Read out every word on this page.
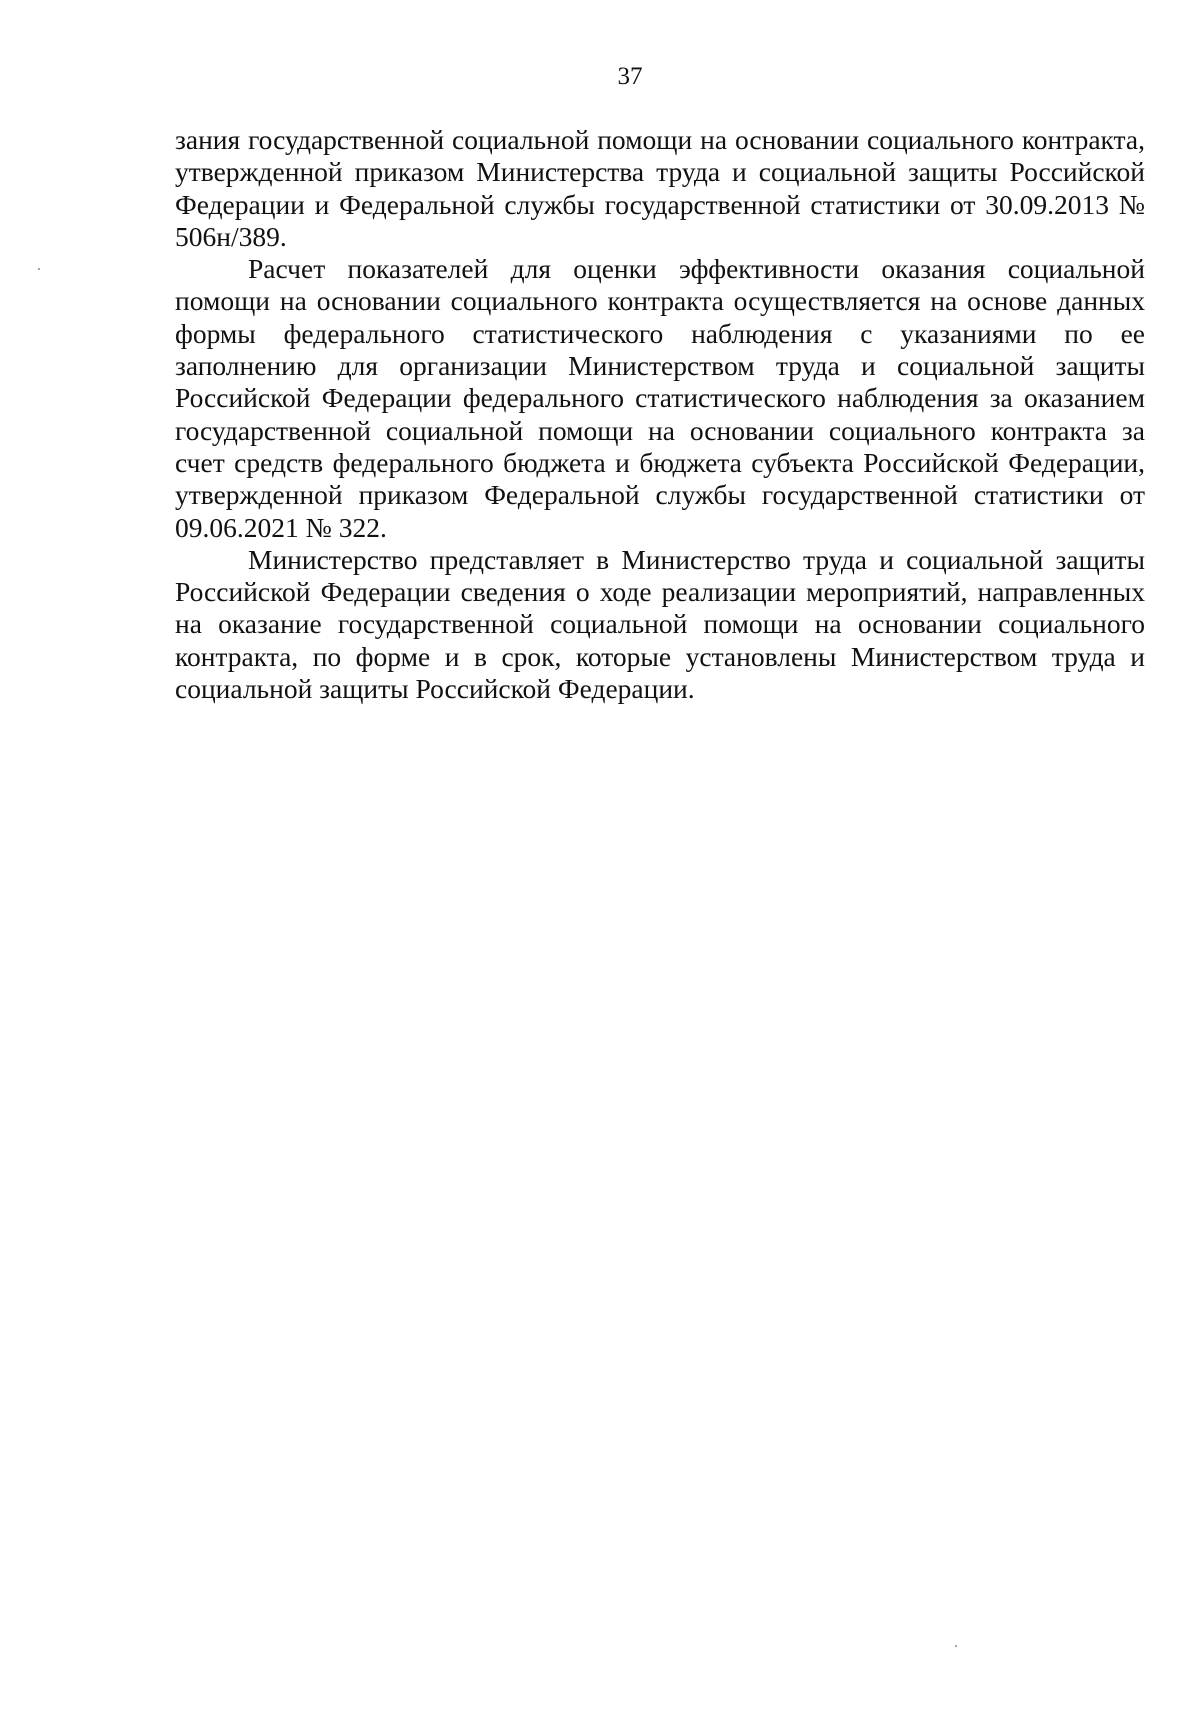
37

зания государственной социальной помощи на основании социального контракта, утвержденной приказом Министерства труда и социальной защиты Российской Федерации и Федеральной службы государственной статистики от 30.09.2013 № 506н/389.

Расчет показателей для оценки эффективности оказания социальной помощи на основании социального контракта осуществляется на основе данных формы федерального статистического наблюдения с указаниями по ее заполнению для организации Министерством труда и социальной защиты Российской Федерации федерального статистического наблюдения за оказанием государственной социальной помощи на основании социального контракта за счет средств федерального бюджета и бюджета субъекта Российской Федерации, утвержденной приказом Федеральной службы государственной статистики от 09.06.2021 № 322.

Министерство представляет в Министерство труда и социальной защиты Российской Федерации сведения о ходе реализации мероприятий, направленных на оказание государственной социальной помощи на основании социального контракта, по форме и в срок, которые установлены Министерством труда и социальной защиты Российской Федерации.
